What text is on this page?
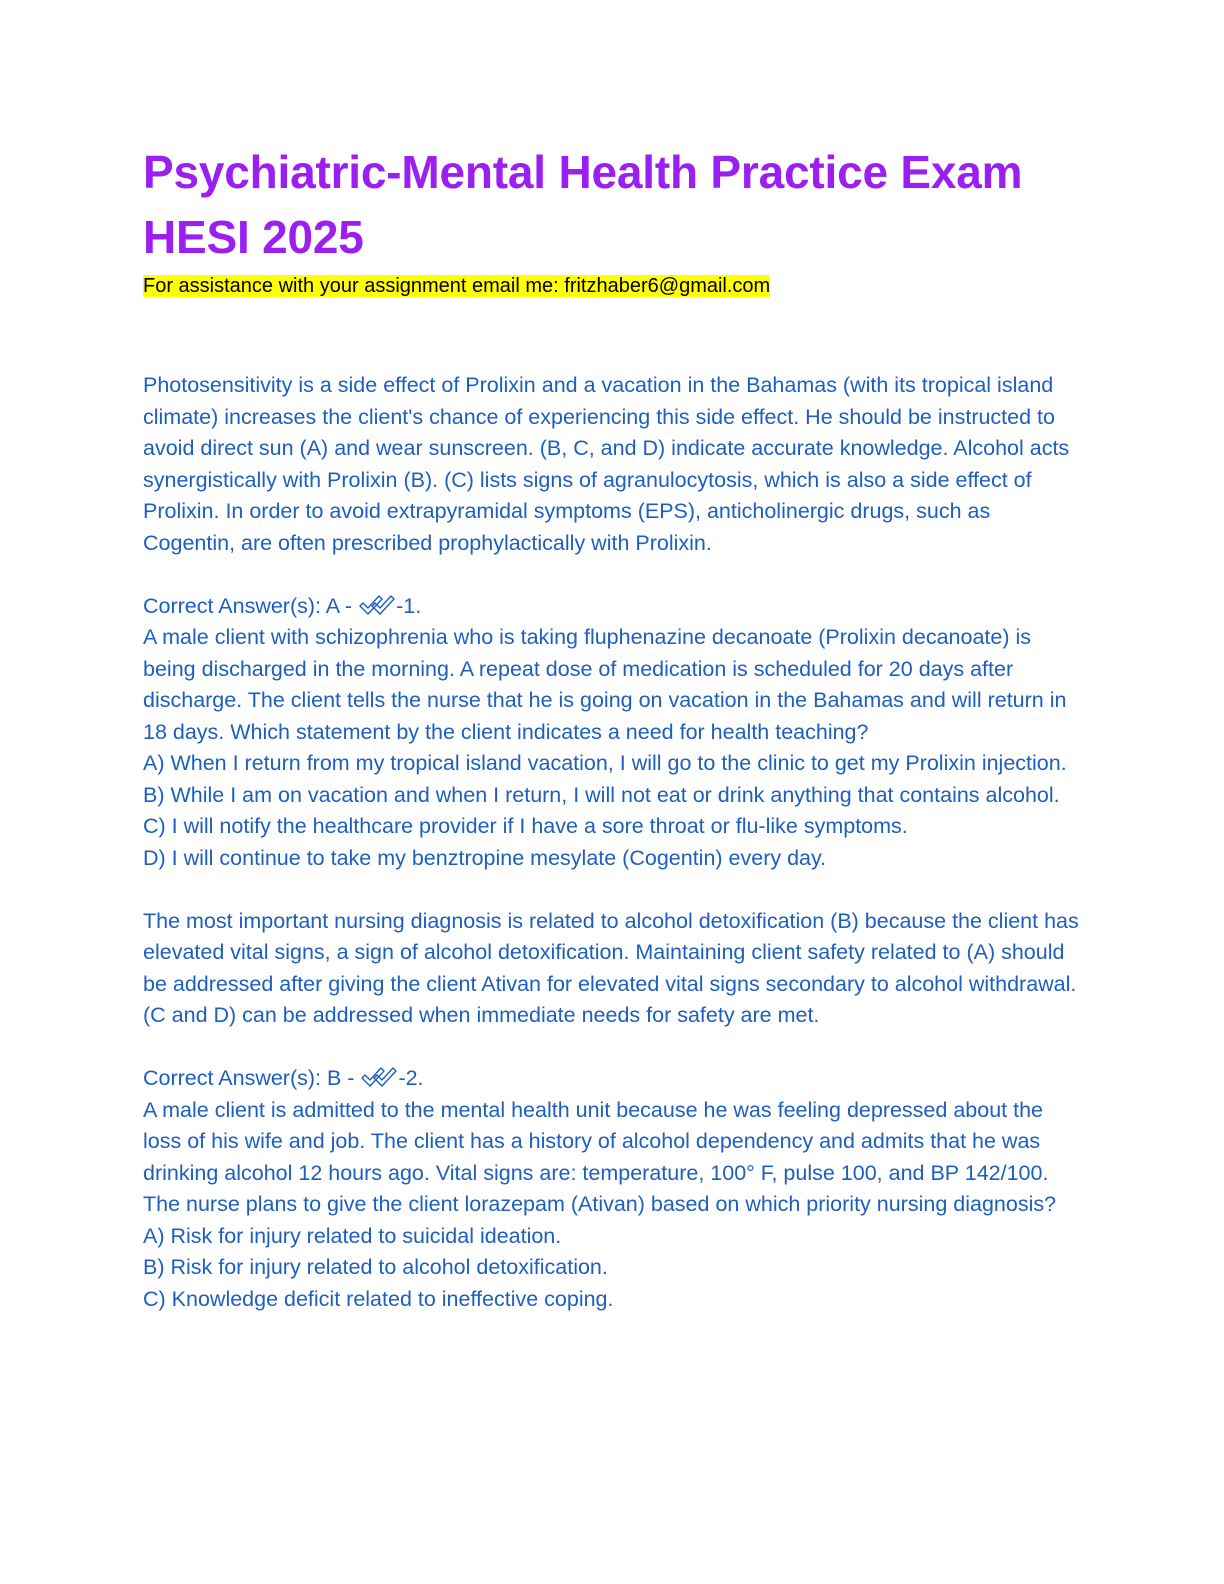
Psychiatric-Mental Health Practice Exam
HESI 2025
For assistance with your assignment email me: fritzhaber6@gmail.com

Photosensitivity is a side effect of Prolixin and a vacation in the Bahamas (with its tropical island climate) increases the client's chance of experiencing this side effect. He should be instructed to avoid direct sun (A) and wear sunscreen. (B, C, and D) indicate accurate knowledge. Alcohol acts synergistically with Prolixin (B). (C) lists signs of agranulocytosis, which is also a side effect of Prolixin. In order to avoid extrapyramidal symptoms (EPS), anticholinergic drugs, such as Cogentin, are often prescribed prophylactically with Prolixin.

Correct Answer(s): A - -1.

A male client with schizophrenia who is taking fluphenazine decanoate (Prolixin decanoate) is being discharged in the morning. A repeat dose of medication is scheduled for 20 days after discharge. The client tells the nurse that he is going on vacation in the Bahamas and will return in 18 days. Which statement by the client indicates a need for health teaching?

A) When I return from my tropical island vacation, I will go to the clinic to get my Prolixin injection.

B) While I am on vacation and when I return, I will not eat or drink anything that contains alcohol.

C) I will notify the healthcare provider if I have a sore throat or flu-like symptoms.

D) I will continue to take my benztropine mesylate (Cogentin) every day.

The most important nursing diagnosis is related to alcohol detoxification (B) because the client has elevated vital signs, a sign of alcohol detoxification. Maintaining client safety related to (A) should be addressed after giving the client Ativan for elevated vital signs secondary to alcohol withdrawal. (C and D) can be addressed when immediate needs for safety are met.

Correct Answer(s): B - -2.

A male client is admitted to the mental health unit because he was feeling depressed about the loss of his wife and job. The client has a history of alcohol dependency and admits that he was drinking alcohol 12 hours ago. Vital signs are: temperature, 100° F, pulse 100, and BP 142/100. The nurse plans to give the client lorazepam (Ativan) based on which priority nursing diagnosis?

A) Risk for injury related to suicidal ideation.

B) Risk for injury related to alcohol detoxification.

C) Knowledge deficit related to ineffective coping.
